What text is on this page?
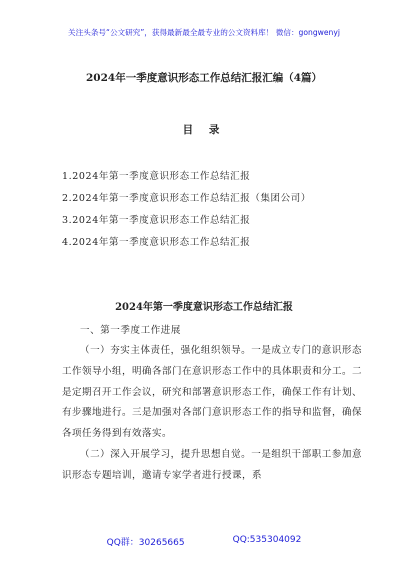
关注头条号“公文研究”，获得最新最全最专业的公文资料库！ 微信：gongwenyj
2024年一季度意识形态工作总结汇报汇编（4篇）
目 录
1.2024年第一季度意识形态工作总结汇报
2.2024年第一季度意识形态工作总结汇报（集团公司）
3.2024年第一季度意识形态工作总结汇报
4.2024年第一季度意识形态工作总结汇报
2024年第一季度意识形态工作总结汇报

一、第一季度工作进展

（一）夯实主体责任，强化组织领导。一是成立专门的意识形态工作领导小组，明确各部门在意识形态工作中的具体职责和分工。二是定期召开工作会议，研究和部署意识形态工作，确保工作有计划、有步骤地进行。三是加强对各部门意识形态工作的指导和监督，确保各项任务得到有效落实。

（二）深入开展学习，提升思想自觉。一是组织干部职工参加意识形态专题培训，邀请专家学者进行授课，系

QQ群：30265665	QQ:535304092
